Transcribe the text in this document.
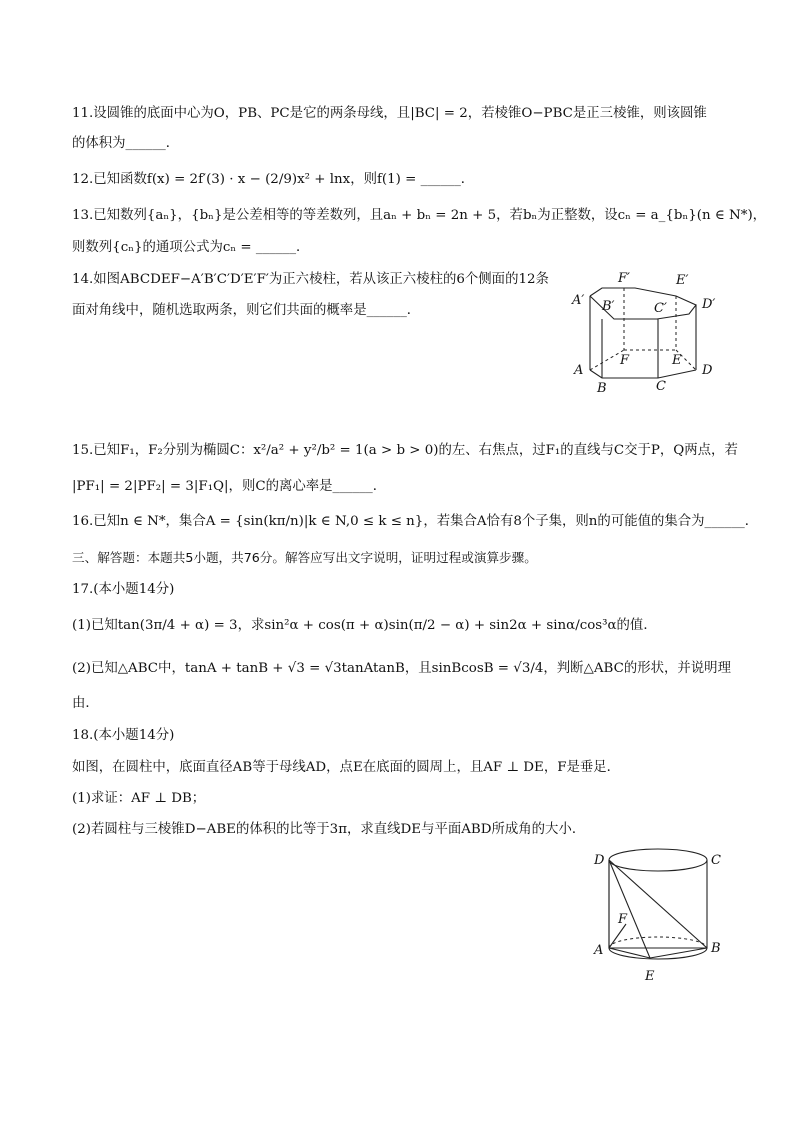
11.设圆锥的底面中心为O，PB、PC是它的两条母线，且|BC| = 2，若棱锥O−PBC是正三棱锥，则该圆锥
的体积为______．
12.已知函数f(x) = 2f′(3) · x − (2/9)x² + lnx，则f(1) = ______．
13.已知数列{aₙ}，{bₙ}是公差相等的等差数列，且aₙ + bₙ = 2n + 5，若bₙ为正整数，设cₙ = a_{bₙ}(n ∈ N*)，
则数列{cₙ}的通项公式为cₙ = ______．
14.如图ABCDEF−A′B′C′D′E′F′为正六棱柱，若从该正六棱柱的6个侧面的12条
面对角线中，随机选取两条，则它们共面的概率是______．
15.已知F₁，F₂分别为椭圆C：x²/a² + y²/b² = 1(a > b > 0)的左、右焦点，过F₁的直线与C交于P，Q两点，若
|PF₁| = 2|PF₂| = 3|F₁Q|，则C的离心率是______．
16.已知n ∈ N*，集合A = {sin(kπ/n)|k ∈ N,0 ≤ k ≤ n}，若集合A恰有8个子集，则n的可能值的集合为______．
三、解答题：本题共5小题，共76分。解答应写出文字说明，证明过程或演算步骤。
17.(本小题14分)
(1)已知tan(3π/4 + α) = 3，求sin²α + cos(π + α)sin(π/2 − α) + sin2α + sinα/cos³α的值．
(2)已知△ABC中，tanA + tanB + √3 = √3tanAtanB，且sinBcosB = √3/4，判断△ABC的形状，并说明理
由．
18.(本小题14分)
如图，在圆柱中，底面直径AB等于母线AD，点E在底面的圆周上，且AF ⊥ DE，F是垂足．
(1)求证：AF ⊥ DB；
(2)若圆柱与三棱锥D−ABE的体积的比等于3π，求直线DE与平面ABD所成角的大小．
F′	E′
A′ B′	C′	D′
F	E
A
B	C
D
D	C
F
A	B
E
